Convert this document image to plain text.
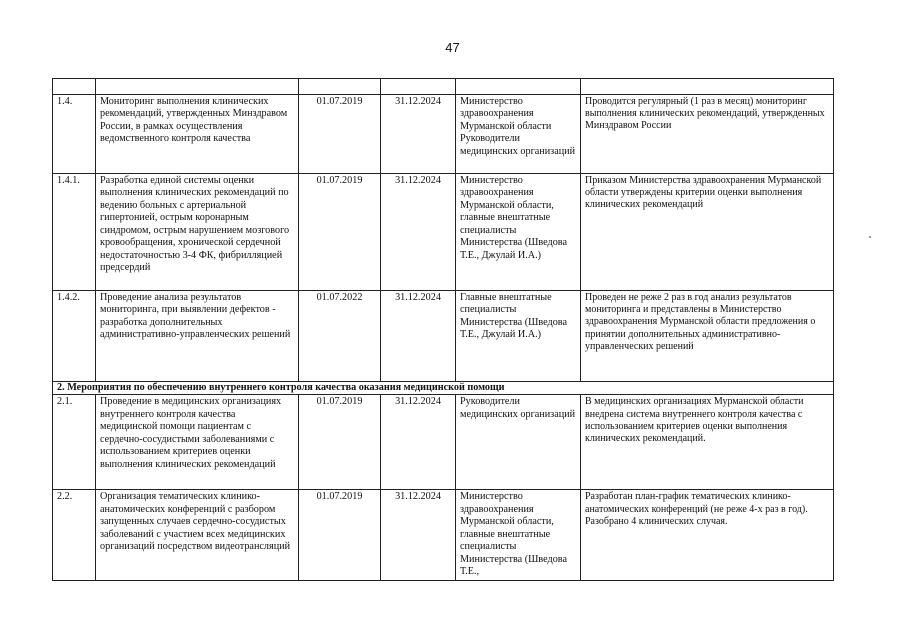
47

1.4.	Мониторинг выполнения клинических рекомендаций, утвержденных Минздравом России, в рамках осуществления ведомственного контроля качества	01.07.2019	31.12.2024	Министерство здравоохранения Мурманской области Руководители медицинских организаций	Проводится регулярный (1 раз в месяц) мониторинг выполнения клинических рекомендаций, утвержденных Минздравом России
1.4.1.	Разработка единой системы оценки выполнения клинических рекомендаций по ведению больных с артериальной гипертонией, острым коронарным синдромом, острым нарушением мозгового кровообращения, хронической сердечной недостаточностью 3-4 ФК, фибрилляцией предсердий	01.07.2019	31.12.2024	Министерство здравоохранения Мурманской области, главные внештатные специалисты Министерства (Шведова Т.Е., Джулай И.А.)	Приказом Министерства здравоохранения Мурманской области утверждены критерии оценки выполнения клинических рекомендаций
1.4.2.	Проведение анализа результатов мониторинга, при выявлении дефектов - разработка дополнительных административно-управленческих решений	01.07.2022	31.12.2024	Главные внештатные специалисты Министерства (Шведова Т.Е., Джулай И.А.)	Проведен не реже 2 раз в год анализ результатов мониторинга и представлены в Министерство здравоохранения Мурманской области предложения о принятии дополнительных административно-управленческих решений
2. Мероприятия по обеспечению внутреннего контроля качества оказания медицинской помощи					
2.1.	Проведение в медицинских организациях внутреннего контроля качества медицинской помощи пациентам с сердечно-сосудистыми заболеваниями с использованием критериев оценки выполнения клинических рекомендаций	01.07.2019	31.12.2024	Руководители медицинских организаций	В медицинских организациях Мурманской области внедрена система внутреннего контроля качества с использованием критериев оценки выполнения клинических рекомендаций.
2.2.	Организация тематических клинико-анатомических конференций с разбором запущенных случаев сердечно-сосудистых заболеваний с участием всех медицинских организаций посредством видеотрансляций	01.07.2019	31.12.2024	Министерство здравоохранения Мурманской области, главные внештатные специалисты Министерства (Шведова Т.Е.,	Разработан план-график тематических клинико-анатомических конференций (не реже 4-х раз в год). Разобрано 4 клинических случая.
